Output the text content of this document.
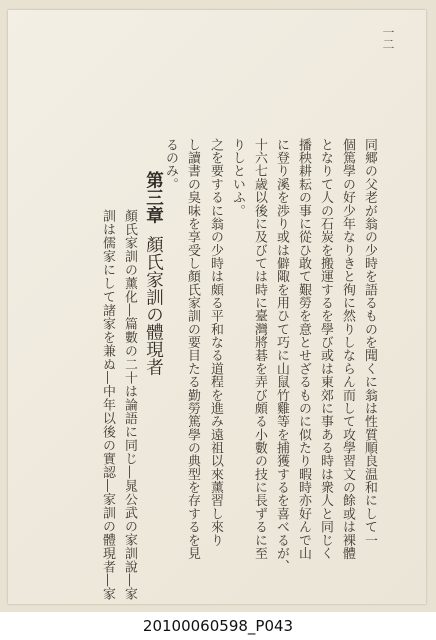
一二
同郷の父老が翁の少時を語るものを聞くに翁は性質順良温和にして一
個篤學の好少年なりきと徇に然りしならん而して攻學習文の餘或は裸體
となりて人の石炭を搬運するを學び或は東郊に事ある時は衆人と同じく
播秧耕耘の事に從ひ敢て艱勞を意とせざるものに似たり暇時亦好んで山
に登り溪を渉り或は僻陬を用ひて巧に山鼠竹雞等を捕獲するを喜べるが、
十六七歳以後に及びては時に臺灣將碁を弄び頗る小數の技に長ずるに至
りしといふ。
之を要するに翁の少時は頗る平和なる道程を進み遠祖以來薰習し來り
し讀書の臭味を享受し顏氏家訓の要目たる勤勞篤學の典型を存するを見
るのみ。
第三章顏氏家訓の體現者
顏氏家訓の薰化―篇數の二十は論語に同じ―晁公武の家訓說―家
訓は儒家にして諸家を兼ぬ―中年以後の實認―家訓の體現者―家
20100060598_P043
